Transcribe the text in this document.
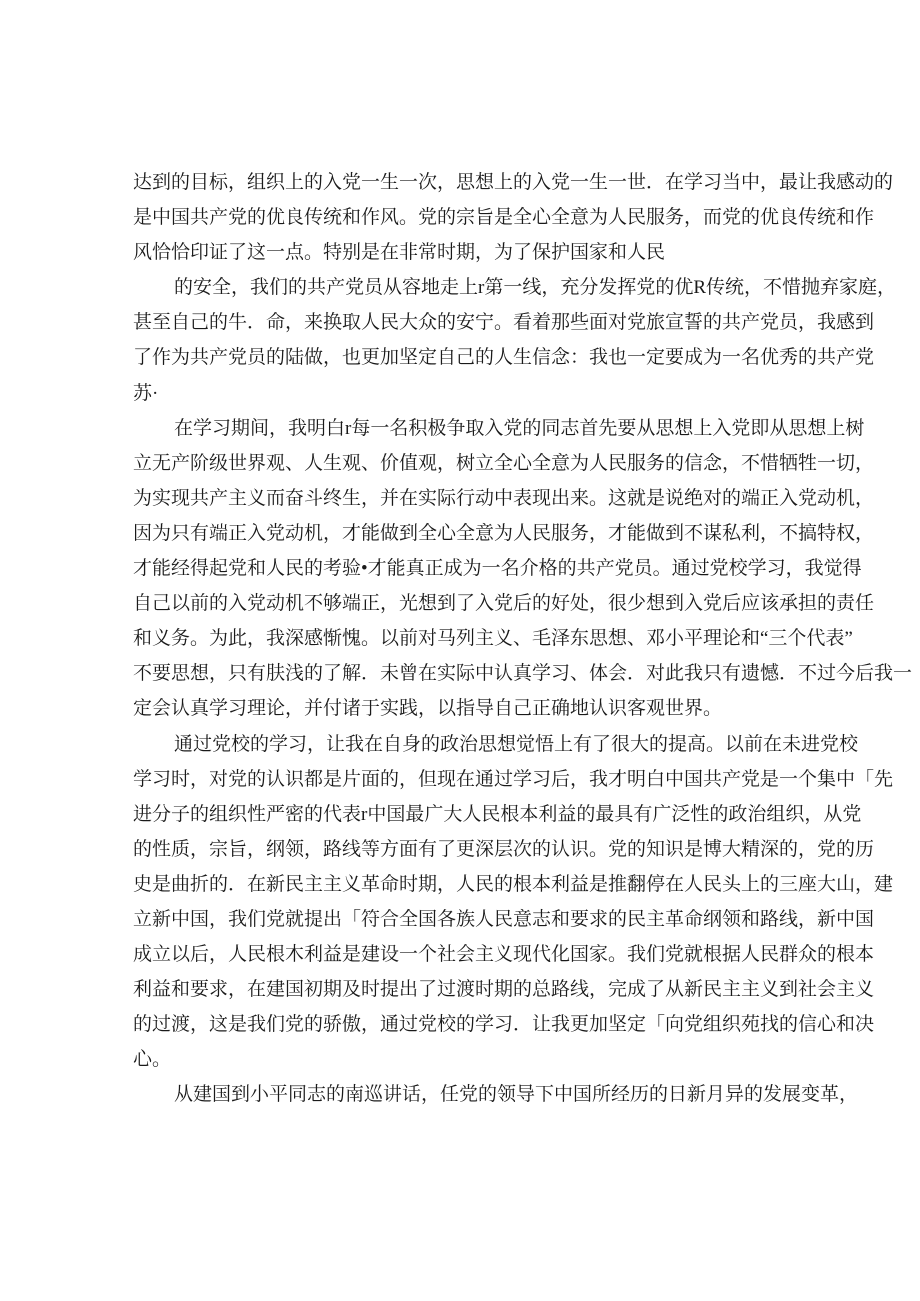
达到的目标，组织上的入党一生一次，思想上的入党一生一世．在学习当中，最让我感动的
是中国共产党的优良传统和作风。党的宗旨是全心全意为人民服务，而党的优良传统和作
风恰恰印证了这一点。特别是在非常时期，为了保护国家和人民
的安全，我们的共产党员从容地走上r第一线，充分发挥党的优R传统，不惜抛弃家庭，
甚至自己的牛．命，来换取人民大众的安宁。看着那些面对党旅宣誓的共产党员，我感到
了作为共产党员的陆做，也更加坚定自己的人生信念：我也一定要成为一名优秀的共产党
苏·
在学习期间，我明白r每一名积极争取入党的同志首先要从思想上入党即从思想上树
立无产阶级世界观、人生观、价值观，树立全心全意为人民服务的信念，不惜牺牲一切，
为实现共产主义而奋斗终生，并在实际行动中表现出来。这就是说绝对的端正入党动机，
因为只有端正入党动机，才能做到全心全意为人民服务，才能做到不谋私利，不搞特权，
才能经得起党和人民的考验•才能真正成为一名介格的共产党员。通过党校学习，我觉得
自己以前的入党动机不够端正，光想到了入党后的好处，很少想到入党后应该承担的责任
和义务。为此，我深感惭愧。以前对马列主义、毛泽东思想、邓小平理论和“三个代表”
不要思想，只有肤浅的了解．未曾在实际中认真学习、体会．对此我只有遗憾．不过今后我一
定会认真学习理论，并付诸于实践，以指导自己正确地认识客观世界。
通过党校的学习，让我在自身的政治思想觉悟上有了很大的提高。以前在未进党校
学习时，对党的认识都是片面的，但现在通过学习后，我才明白中国共产党是一个集中「先
进分子的组织性严密的代表r中国最广大人民根本利益的最具有广泛性的政治组织，从党
的性质，宗旨，纲领，路线等方面有了更深层次的认识。党的知识是博大精深的，党的历
史是曲折的．在新民主主义革命时期，人民的根本利益是推翻停在人民头上的三座大山，建
立新中国，我们党就提出「符合全国各族人民意志和要求的民主革命纲领和路线，新中国
成立以后，人民根木利益是建设一个社会主义现代化国家。我们党就根据人民群众的根本
利益和要求，在建国初期及时提出了过渡时期的总路线，完成了从新民主主义到社会主义
的过渡，这是我们党的骄傲，通过党校的学习．让我更加坚定「向党组织苑找的信心和决
心。
从建国到小平同志的南巡讲话，任党的领导下中国所经历的日新月异的发展变革，
